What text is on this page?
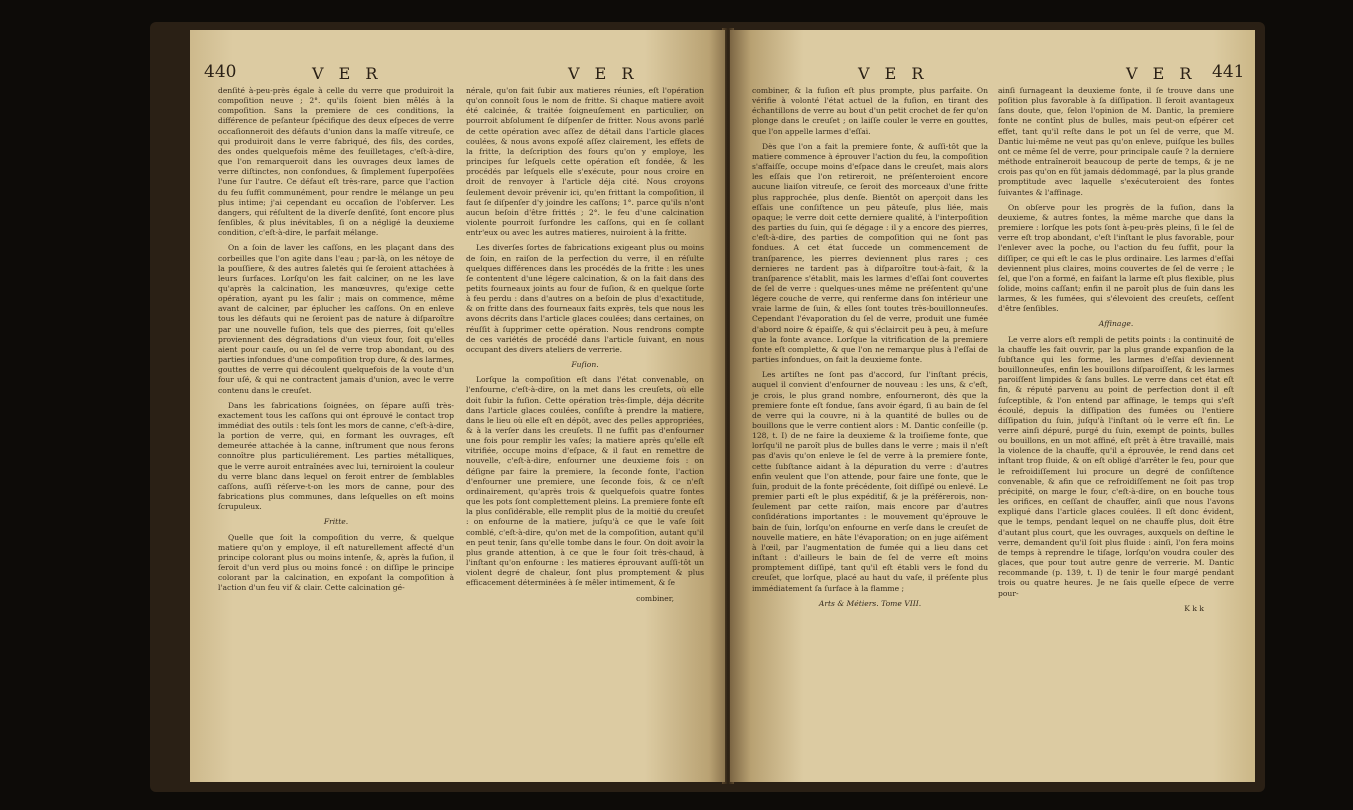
440	V E R	V E R

denſité à-peu-près égale à celle du verre que produiroit la compoſition neuve ; 2°. qu'ils ſoient bien mêlés à la compoſition. Sans la premiere de ces conditions, la différence de peſanteur ſpécifique des deux eſpeces de verre occaſionneroit des défauts d'union dans la maſſe vitreuſe, ce qui produiroit dans le verre fabriqué, des fils, des cordes, des ondes quelquefois même des feuilletages, c'eſt-à-dire, que l'on remarqueroit dans les ouvrages deux lames de verre diſtinctes, non confondues, & ſimplement ſuperpoſées l'une ſur l'autre. Ce défaut eſt très-rare, parce que l'action du feu ſuffit communément, pour rendre le mélange un peu plus intime; j'ai cependant eu occaſion de l'obſerver. Les dangers, qui réſultent de la diverſe denſité, ſont encore plus ſenſibles, & plus inévitables, ſi on a négligé la deuxieme condition, c'eſt-à-dire, le parfait mélange.

On a ſoin de laver les caſſons, en les plaçant dans des corbeilles que l'on agite dans l'eau ; par-là, on les nétoye de la pouſſiere, & des autres ſaletés qui ſe ſeroient attachées à leurs ſurfaces. Lorſqu'on les fait calciner, on ne les lave qu'après la calcination, les manœuvres, qu'exige cette opération, ayant pu les ſalir ; mais on commence, même avant de calciner, par éplucher les caſſons. On en enleve tous les défauts qui ne ſeroient pas de nature à diſparoître par une nouvelle fuſion, tels que des pierres, ſoit qu'elles proviennent des dégradations d'un vieux four, ſoit qu'elles aient pour cauſe, ou un ſel de verre trop abondant, ou des parties infondues d'une compoſition trop dure, & des larmes, gouttes de verre qui découlent quelquefois de la voute d'un four uſé, & qui ne contractent jamais d'union, avec le verre contenu dans le creuſet.

Dans les fabrications ſoignées, on ſépare auſſi très-exactement tous les caſſons qui ont éprouvé le contact trop immédiat des outils : tels ſont les mors de canne, c'eſt-à-dire, la portion de verre, qui, en formant les ouvrages, eſt demeurée attachée à la canne, inſtrument que nous ferons connoître plus particuliérement. Les parties métalliques, que le verre auroit entraînées avec lui, terniroient la couleur du verre blanc dans lequel on feroit entrer de ſemblables caſſons, auſſi réſerve-t-on les mors de canne, pour des fabrications plus communes, dans leſquelles on eſt moins ſcrupuleux.

Fritte.

Quelle que ſoit la compoſition du verre, & quelque matiere qu'on y employe, il eſt naturellement affecté d'un principe colorant plus ou moins intenſe, &, après la fuſion, il ſeroit d'un verd plus ou moins foncé : on diſſipe le principe colorant par la calcination, en expoſant la compoſition à l'action d'un feu vif & clair. Cette calcination gé-

nérale, qu'on fait ſubir aux matieres réunies, eſt l'opération qu'on connoît ſous le nom de fritte. Si chaque matiere avoit été calcinée, & traitée ſoigneuſement en particulier, on pourroit abſolument ſe diſpenſer de fritter. Nous avons parlé de cette opération avec aſſez de détail dans l'article glaces coulées, & nous avons expoſé aſſez clairement, les effets de la fritte, la deſcription des fours qu'on y employe, les principes ſur leſquels cette opération eſt fondée, & les procédés par leſquels elle s'exécute, pour nous croire en droit de renvoyer à l'article déja cité. Nous croyons ſeulement devoir prévenir ici, qu'en frittant la compoſition, il faut ſe diſpenſer d'y joindre les caſſons; 1°. parce qu'ils n'ont aucun beſoin d'être frittés ; 2°. le feu d'une calcination violente pourroit ſurfondre les caſſons, qui en ſe collant entr'eux ou avec les autres matieres, nuiroient à la fritte.

Les diverſes ſortes de fabrications exigeant plus ou moins de ſoin, en raiſon de la perfection du verre, il en réſulte quelques différences dans les procédés de la fritte : les unes ſe contentent d'une légere calcination, & on la fait dans des petits fourneaux joints au four de fuſion, & en quelque ſorte à feu perdu : dans d'autres on a beſoin de plus d'exactitude, & on fritte dans des fourneaux faits exprès, tels que nous les avons décrits dans l'article glaces coulées; dans certaines, on réuſſit à ſupprimer cette opération. Nous rendrons compte de ces variétés de procédé dans l'article ſuivant, en nous occupant des divers ateliers de verrerie.

Fuſion.

Lorſque la compoſition eſt dans l'état convenable, on l'enfourne, c'eſt-à-dire, on la met dans les creuſets, où elle doit ſubir la fuſion. Cette opération très-ſimple, déja décrite dans l'article glaces coulées, conſiſte à prendre la matiere, dans le lieu où elle eſt en dépôt, avec des pelles appropriées, & à la verſer dans les creuſets. Il ne ſuffit pas d'enfourner une fois pour remplir les vaſes; la matiere après qu'elle eſt vitrifiée, occupe moins d'eſpace, & il faut en remettre de nouvelle, c'eſt-à-dire, enfourner une deuxieme fois : on déſigne par faire la premiere, la ſeconde fonte, l'action d'enfourner une premiere, une ſeconde fois, & ce n'eſt ordinairement, qu'après trois & quelquefois quatre fontes que les pots ſont complettement pleins. La premiere fonte eſt la plus conſidérable, elle remplit plus de la moitié du creuſet : on enfourne de la matiere, juſqu'à ce que le vaſe ſoit comblé, c'eſt-à-dire, qu'on met de la compoſition, autant qu'il en peut tenir, ſans qu'elle tombe dans le four. On doit avoir la plus grande attention, à ce que le four ſoit très-chaud, à l'inſtant qu'on enfourne : les matieres éprouvant auſſi-tôt un violent degré de chaleur, ſont plus promptement & plus efficacement déterminées à ſe mêler intimement, & ſe

combiner,

V E R	V E R 441

combiner, & la fuſion eſt plus prompte, plus parfaite. On vérifie à volonté l'état actuel de la fuſion, en tirant des échantillons de verre au bout d'un petit crochet de fer qu'on plonge dans le creuſet ; on laiſſe couler le verre en gouttes, que l'on appelle larmes d'eſſai.

Dès que l'on a fait la premiere fonte, & auſſi-tôt que la matiere commence à éprouver l'action du feu, la compoſition s'affaiſſe, occupe moins d'eſpace dans le creuſet, mais alors les eſſais que l'on retireroit, ne préſenteroient encore aucune liaiſon vitreuſe, ce ſeroit des morceaux d'une fritte plus rapprochée, plus denſe. Bientôt on aperçoit dans les eſſais une conſiſtence un peu pâteuſe, plus liée, mais opaque; le verre doit cette derniere qualité, à l'interpoſition des parties du ſuin, qui ſe dégage : il y a encore des pierres, c'eſt-à-dire, des parties de compoſition qui ne ſont pas fondues. A cet état ſuccede un commencement de tranſparence, les pierres deviennent plus rares ; ces dernieres ne tardent pas à diſparoître tout-à-fait, & la tranſparence s'établit, mais les larmes d'eſſai ſont couvertes de ſel de verre : quelques-unes même ne préſentent qu'une légere couche de verre, qui renferme dans ſon intérieur une vraie larme de ſuin, & elles ſont toutes très-bouillonneuſes. Cependant l'évaporation du ſel de verre, produit une fumée d'abord noire & épaiſſe, & qui s'éclaircit peu à peu, à meſure que la fonte avance. Lorſque la vitrification de la premiere fonte eſt complette, & que l'on ne remarque plus à l'eſſai de parties infondues, on fait la deuxieme fonte.

Les artiſtes ne ſont pas d'accord, ſur l'inſtant précis, auquel il convient d'enfourner de nouveau : les uns, & c'eſt, je crois, le plus grand nombre, enfourneront, dès que la premiere fonte eſt fondue, ſans avoir égard, ſi au bain de ſel de verre qui la couvre, ni à la quantité de bulles ou de bouillons que le verre contient alors : M. Dantic conſeille (p. 128, t. I) de ne faire la deuxieme & la troiſieme fonte, que lorſqu'il ne paroît plus de bulles dans le verre ; mais il n'eſt pas d'avis qu'on enleve le ſel de verre à la premiere fonte, cette ſubſtance aidant à la dépuration du verre : d'autres enfin veulent que l'on attende, pour faire une fonte, que le ſuin, produit de la fonte précédente, ſoit diſſipé ou enlevé. Le premier parti eſt le plus expéditif, & je la préférerois, non-ſeulement par cette raiſon, mais encore par d'autres conſidérations importantes : le mouvement qu'éprouve le bain de ſuin, lorſqu'on enfourne en verſe dans le creuſet de nouvelle matiere, en hâte l'évaporation; on en juge aiſément à l'œil, par l'augmentation de fumée qui a lieu dans cet inſtant : d'ailleurs le bain de ſel de verre eſt moins promptement diſſipé, tant qu'il eſt établi vers le fond du creuſet, que lorſque, placé au haut du vaſe, il préſente plus immédiatement ſa ſurface à la flamme ;

Arts & Métiers. Tome VIII.

ainſi ſurnageant la deuxieme fonte, il ſe trouve dans une poſition plus favorable à ſa diſſipation. Il ſeroit avantageux ſans doute, que, ſelon l'opinion de M. Dantic, la premiere fonte ne contînt plus de bulles, mais peut-on eſpérer cet effet, tant qu'il reſte dans le pot un ſel de verre, que M. Dantic lui-même ne veut pas qu'on enleve, puiſque les bulles ont ce même ſel de verre, pour principale cauſe ? la derniere méthode entraîneroit beaucoup de perte de temps, & je ne crois pas qu'on en fût jamais dédommagé, par la plus grande promptitude avec laquelle s'exécuteroient des fontes ſuivantes & l'affinage.

On obſerve pour les progrès de la fuſion, dans la deuxieme, & autres fontes, la même marche que dans la premiere : lorſque les pots ſont à-peu-près pleins, ſi le ſel de verre eſt trop abondant, c'eſt l'inſtant le plus favorable, pour l'enlever avec la poche, ou l'action du feu ſuffit, pour la diſſiper, ce qui eſt le cas le plus ordinaire. Les larmes d'eſſai deviennent plus claires, moins couvertes de ſel de verre ; le ſel, que l'on a formé, en faiſant la larme eſt plus flexible, plus ſolide, moins caſſant; enfin il ne paroît plus de ſuin dans les larmes, & les fumées, qui s'élevoient des creuſets, ceſſent d'être ſenſibles.

Affinage.

Le verre alors eſt rempli de petits points : la continuité de la chauffe les fait ouvrir, par la plus grande expanſion de la ſubſtance qui les forme, les larmes d'eſſai deviennent bouillonneuſes, enfin les bouillons diſparoiſſent, & les larmes paroiſſent limpides & ſans bulles. Le verre dans cet état eſt fin, & réputé parvenu au point de perfection dont il eſt ſuſceptible, & l'on entend par affinage, le temps qui s'eſt écoulé, depuis la diſſipation des fumées ou l'entiere diſſipation du ſuin, juſqu'à l'inſtant où le verre eſt fin. Le verre ainſi dépuré, purgé du ſuin, exempt de points, bulles ou bouillons, en un mot affiné, eſt prêt à être travaillé, mais la violence de la chauffe, qu'il a éprouvée, le rend dans cet inſtant trop fluide, & on eſt obligé d'arrêter le feu, pour que le refroidiſſement lui procure un degré de conſiſtence convenable, & afin que ce refroidiſſement ne ſoit pas trop précipité, on marge le four, c'eſt-à-dire, on en bouche tous les orifices, en ceſſant de chauffer, ainſi que nous l'avons expliqué dans l'article glaces coulées. Il eſt donc évident, que le temps, pendant lequel on ne chauffe plus, doit être d'autant plus court, que les ouvrages, auxquels on deſtine le verre, demandent qu'il ſoit plus fluide : ainſi, l'on fera moins de temps à reprendre le tiſage, lorſqu'on voudra couler des glaces, que pour tout autre genre de verrerie. M. Dantic recommande (p. 139, t. I) de tenir le four margé pendant trois ou quatre heures. Je ne ſais quelle eſpece de verre pour-

K k k
